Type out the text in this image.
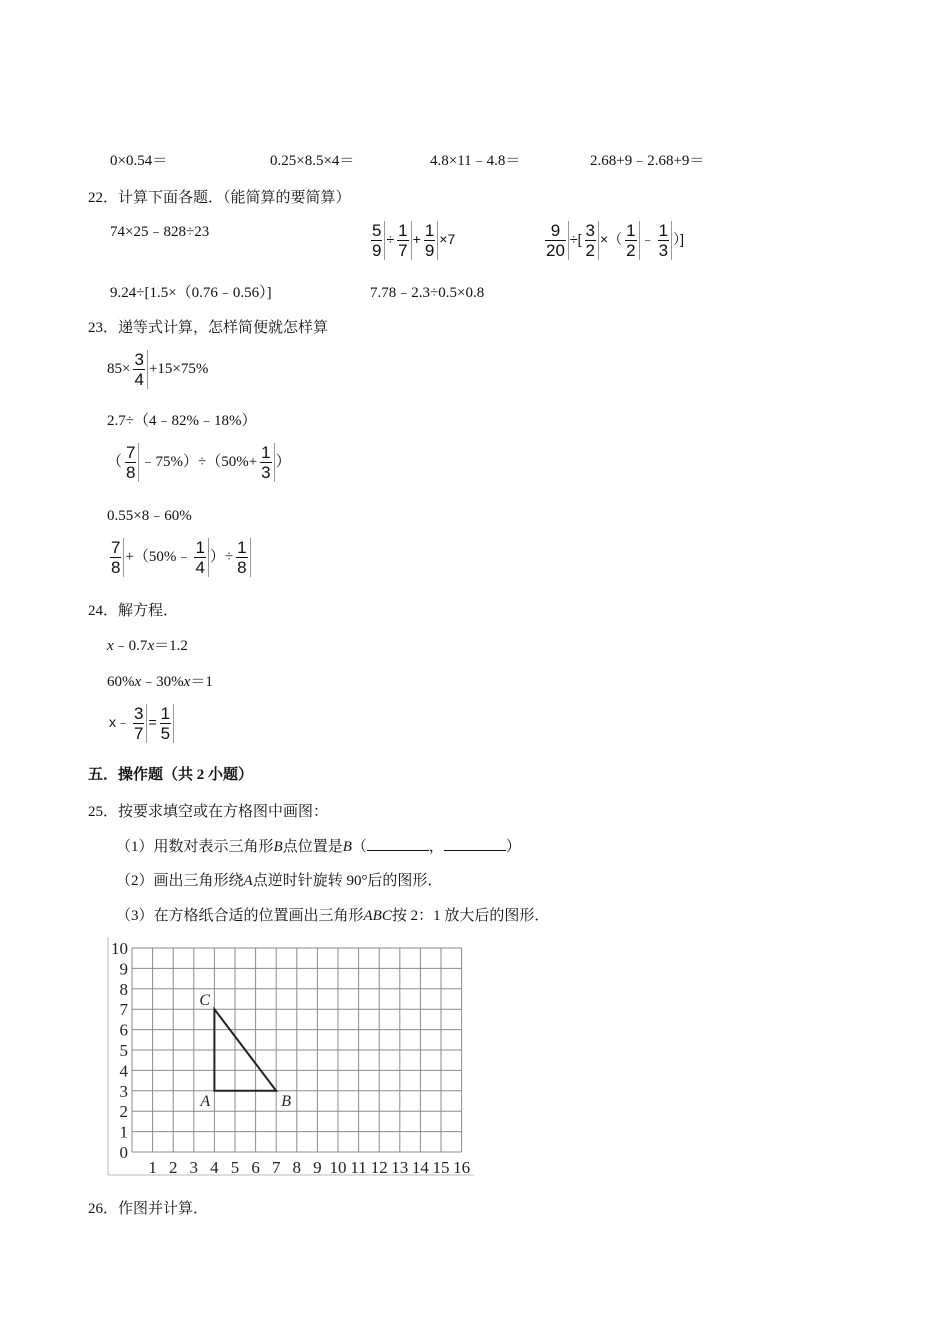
0×0.54＝	0.25×8.5×4＝	4.8×11﹣4.8＝	2.68+9﹣2.68+9＝
22．计算下面各题．（能简算的要简算）
74×25﹣828÷23	$\frac{5}{9} \div \frac{1}{7} + \frac{1}{9} \times 7$	$\frac{9}{20}$ ÷[ $\frac{3}{2}$ ×（ $\frac{1}{2}$ ﹣ $\frac{1}{3}$ ）]
9.24÷[1.5×（0.76﹣0.56）]	7.78﹣2.3÷0.5×0.8
23．递等式计算，怎样简便就怎样算
$85\times \frac{3}{4} +15\times 75\%$
2.7÷（4﹣82%﹣18%）
（ $\frac{7}{8}$ ﹣75%）÷（50%+ $\frac{1}{3}$ ）
0.55×8﹣60%
$\frac{7}{8}$ +（50%﹣ $\frac{1}{4}$ ）÷ $\frac{1}{8}$
24．解方程．
x﹣0.7x＝1.2
60%x﹣30%x＝1
x﹣ $\frac{3}{7} = \frac{1}{5}$
五．操作题（共 2 小题）
25．按要求填空或在方格图中画图：
（1）用数对表示三角形B点位置是B（	，	）
（2）画出三角形绕A点逆时针旋转 90°后的图形．
（3）在方格纸合适的位置画出三角形ABC按 2：1 放大后的图形．
0
1
2
3
4
5
6
7
8
9
10
1 2 3 4 5 6 7 8 9 10 11 12 13 14 15 16
A	B
C
26．作图并计算．
